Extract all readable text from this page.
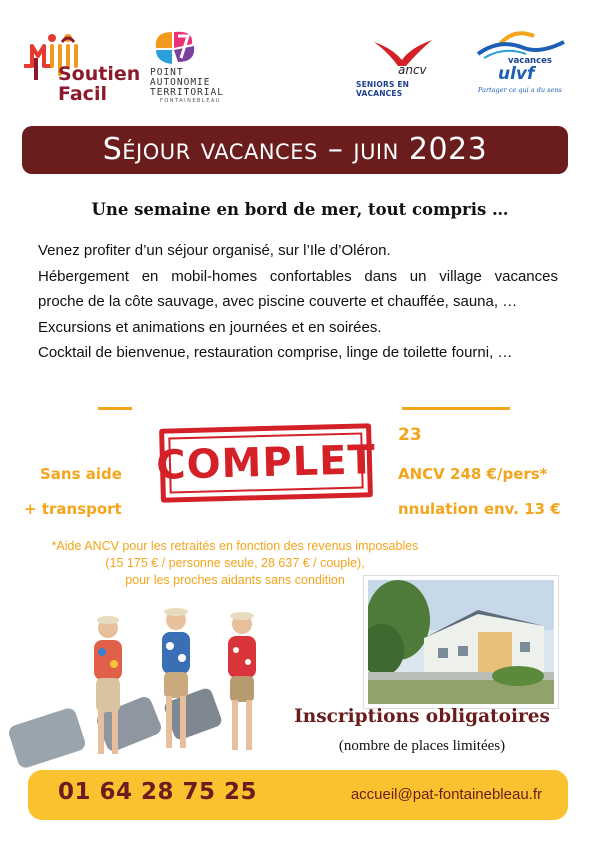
Soutien
Facil
POINT
AUTONOMIE
TERRITORIAL
FONTAINEBLEAU
ancv
SENIORS EN VACANCES
vacances
ulvf
Partager ce qui a du sens
Séjour vacances – juin 2023
Une semaine en bord de mer, tout compris …

Venez profiter d’un séjour organisé, sur l’Ile d’Oléron.

Hébergement en mobil-homes confortables dans un village vacances

proche de la côte sauvage, avec piscine couverte et chauffée, sauna, …

Excursions et animations en journées et en soirées.

Cocktail de bienvenue, restauration comprise, linge de toilette fourni, …

23
Sans aide	ANCV 248 €/pers*
+ transport	nnulation env. 13 €
COMPLET
*Aide ANCV pour les retraités en fonction des revenus imposables
(15 175 € / personne seule, 28 637 € / couple),
pour les proches aidants sans condition
Inscriptions obligatoires
(nombre de places limitées)
01 64 28 75 25	accueil@pat-fontainebleau.fr
